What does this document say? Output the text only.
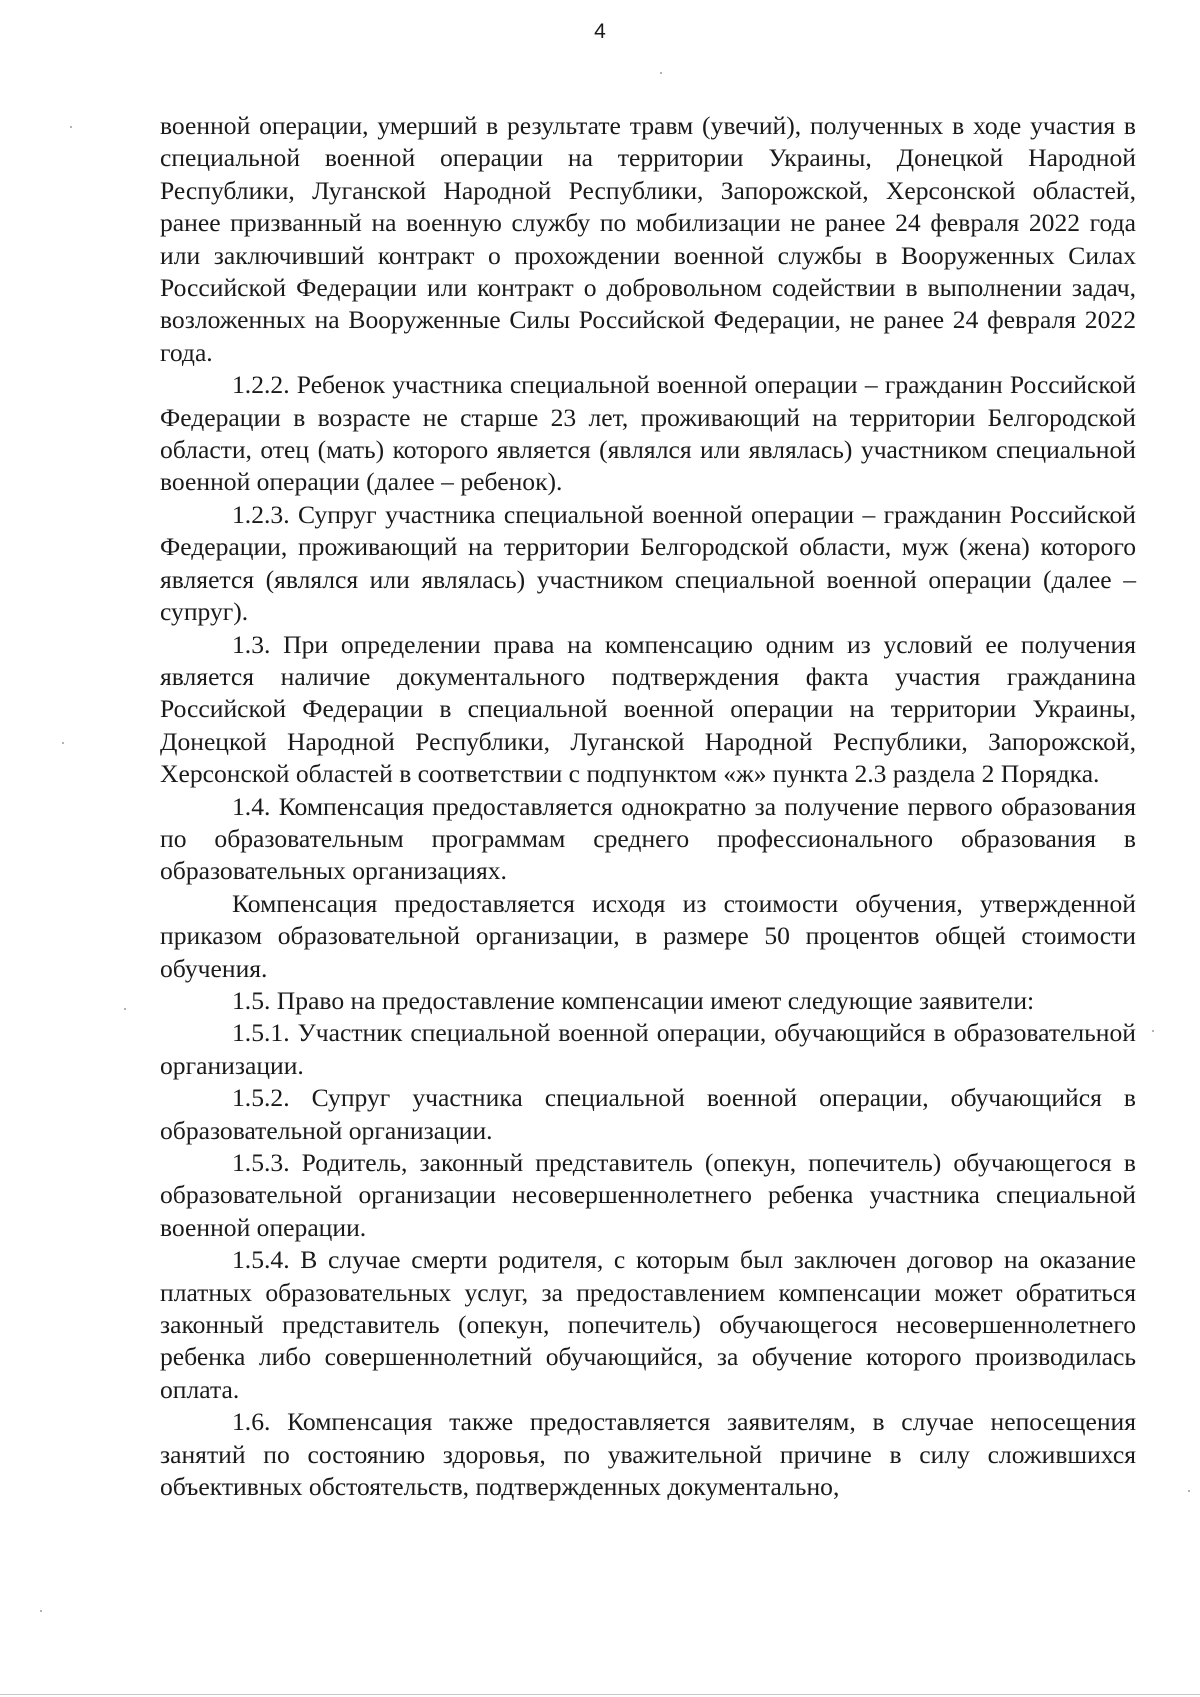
4

военной операции, умерший в результате травм (увечий), полученных в ходе участия в специальной военной операции на территории Украины, Донецкой Народной Республики, Луганской Народной Республики, Запорожской, Херсонской областей, ранее призванный на военную службу по мобилизации не ранее 24 февраля 2022 года или заключивший контракт о прохождении военной службы в Вооруженных Силах Российской Федерации или контракт о добровольном содействии в выполнении задач, возложенных на Вооруженные Силы Российской Федерации, не ранее 24 февраля 2022 года.

1.2.2. Ребенок участника специальной военной операции – гражданин Российской Федерации в возрасте не старше 23 лет, проживающий на территории Белгородской области, отец (мать) которого является (являлся или являлась) участником специальной военной операции (далее – ребенок).

1.2.3. Супруг участника специальной военной операции – гражданин Российской Федерации, проживающий на территории Белгородской области, муж (жена) которого является (являлся или являлась) участником специальной военной операции (далее – супруг).

1.3. При определении права на компенсацию одним из условий ее получения является наличие документального подтверждения факта участия гражданина Российской Федерации в специальной военной операции на территории Украины, Донецкой Народной Республики, Луганской Народной Республики, Запорожской, Херсонской областей в соответствии с подпунктом «ж» пункта 2.3 раздела 2 Порядка.

1.4. Компенсация предоставляется однократно за получение первого образования по образовательным программам среднего профессионального образования в образовательных организациях.

Компенсация предоставляется исходя из стоимости обучения, утвержденной приказом образовательной организации, в размере 50 процентов общей стоимости обучения.

1.5. Право на предоставление компенсации имеют следующие заявители:

1.5.1. Участник специальной военной операции, обучающийся в образовательной организации.

1.5.2. Супруг участника специальной военной операции, обучающийся в образовательной организации.

1.5.3. Родитель, законный представитель (опекун, попечитель) обучающегося в образовательной организации несовершеннолетнего ребенка участника специальной военной операции.

1.5.4. В случае смерти родителя, с которым был заключен договор на оказание платных образовательных услуг, за предоставлением компенсации может обратиться законный представитель (опекун, попечитель) обучающегося несовершеннолетнего ребенка либо совершеннолетний обучающийся, за обучение которого производилась оплата.

1.6. Компенсация также предоставляется заявителям, в случае непосещения занятий по состоянию здоровья, по уважительной причине в силу сложившихся объективных обстоятельств, подтвержденных документально,
